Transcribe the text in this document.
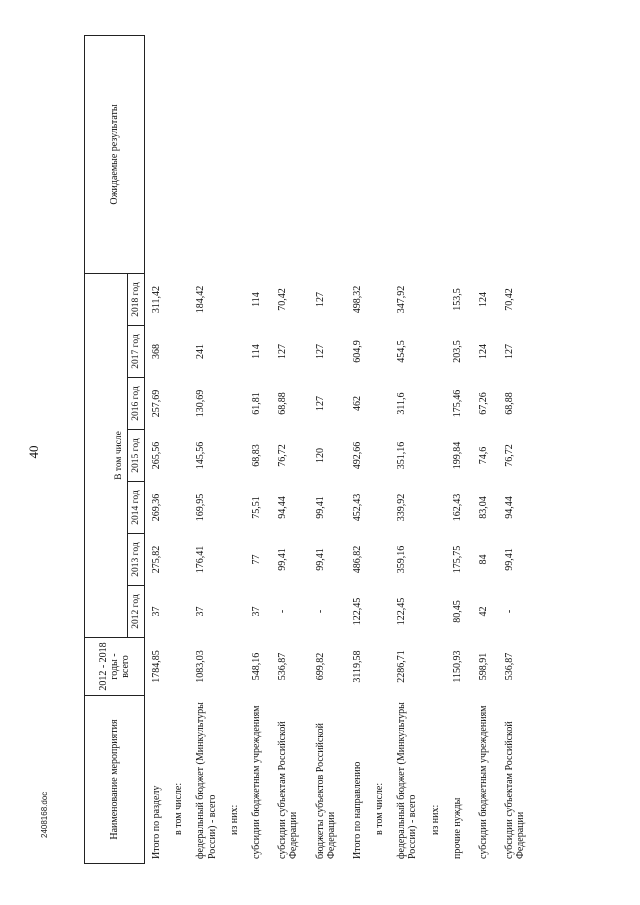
40
Наименование мероприятия	2012 - 2018 годы - всего								Ожидаемые результаты
		В том числе							
		2012 год	2013 год	2014 год	2015 год	2016 год	2017 год	2018 год	
Итого по разделу	1784,85	37	275,82	269,36	265,56	257,69	368	311,42	
в том числе:									
федеральный бюджет (Минкультуры России) - всего	1083,03	37	176,41	169,95	145,56	130,69	241	184,42	
из них:									
субсидии бюджетным учреждениям	548,16	37	77	75,51	68,83	61,81	114	114	
субсидии субъектам Российской Федерации	536,87	-	99,41	94,44	76,72	68,88	127	70,42	
бюджеты субъектов Российской Федерации	699,82	-	99,41	99,41	120	127	127	127	
Итого по направлению	3119,58	122,45	486,82	452,43	492,66	462	604,9	498,32	
в том числе:									
федеральный бюджет (Минкультуры России) - всего	2286,71	122,45	359,16	339,92	351,16	311,6	454,5	347,92	
из них:									
прочие нужды	1150,93	80,45	175,75	162,43	199,84	175,46	203,5	153,5	
субсидии бюджетным учреждениям	598,91	42	84	83,04	74,6	67,26	124	124	
субсидии субъектам Российской Федерации	536,87	-	99,41	94,44	76,72	68,88	127	70,42	
2408168.doc
